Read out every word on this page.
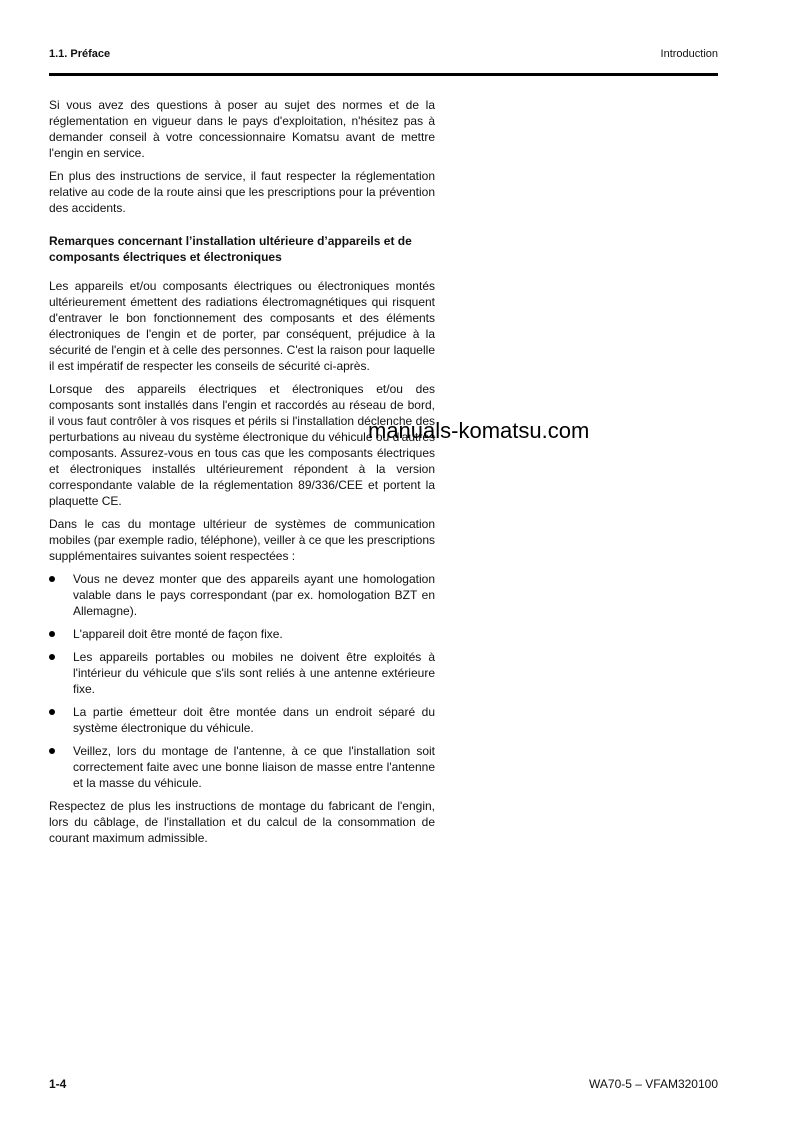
1.1. Préface	Introduction

Si vous avez des questions à poser au sujet des normes et de la réglementation en vigueur dans le pays d'exploitation, n'hésitez pas à demander conseil à votre concessionnaire Komatsu avant de mettre l'engin en service.

En plus des instructions de service, il faut respecter la réglementation relative au code de la route ainsi que les prescriptions pour la prévention des accidents.

Remarques concernant l’installation ultérieure d’appareils et de composants électriques et électroniques

Les appareils et/ou composants électriques ou électroniques montés ultérieurement émettent des radiations électromagnétiques qui risquent d'entraver le bon fonctionnement des composants et des éléments électroniques de l'engin et de porter, par conséquent, préjudice à la sécurité de l'engin et à celle des personnes. C'est la raison pour laquelle il est impératif de respecter les conseils de sécurité ci-après.

Lorsque des appareils électriques et électroniques et/ou des composants sont installés dans l'engin et raccordés au réseau de bord, il vous faut contrôler à vos risques et périls si l'installation déclenche des perturbations au niveau du système électronique du véhicule ou d'autres composants. Assurez-vous en tous cas que les composants électriques et électroniques installés ultérieurement répondent à la version correspondante valable de la réglementation 89/336/CEE et portent la plaquette CE.

Dans le cas du montage ultérieur de systèmes de communication mobiles (par exemple radio, téléphone), veiller à ce que les prescriptions supplémentaires suivantes soient respectées :

Vous ne devez monter que des appareils ayant une homologation valable dans le pays correspondant (par ex. homologation BZT en Allemagne).
L'appareil doit être monté de façon fixe.
Les appareils portables ou mobiles ne doivent être exploités à l'intérieur du véhicule que s'ils sont reliés à une antenne extérieure fixe.
La partie émetteur doit être montée dans un endroit séparé du système électronique du véhicule.
Veillez, lors du montage de l'antenne, à ce que l'installation soit correctement faite avec une bonne liaison de masse entre l'antenne et la masse du véhicule.

Respectez de plus les instructions de montage du fabricant de l'engin, lors du câblage, de l'installation et du calcul de la consommation de courant maximum admissible.

manuals-komatsu.com
1-4	WA70-5 – VFAM320100
